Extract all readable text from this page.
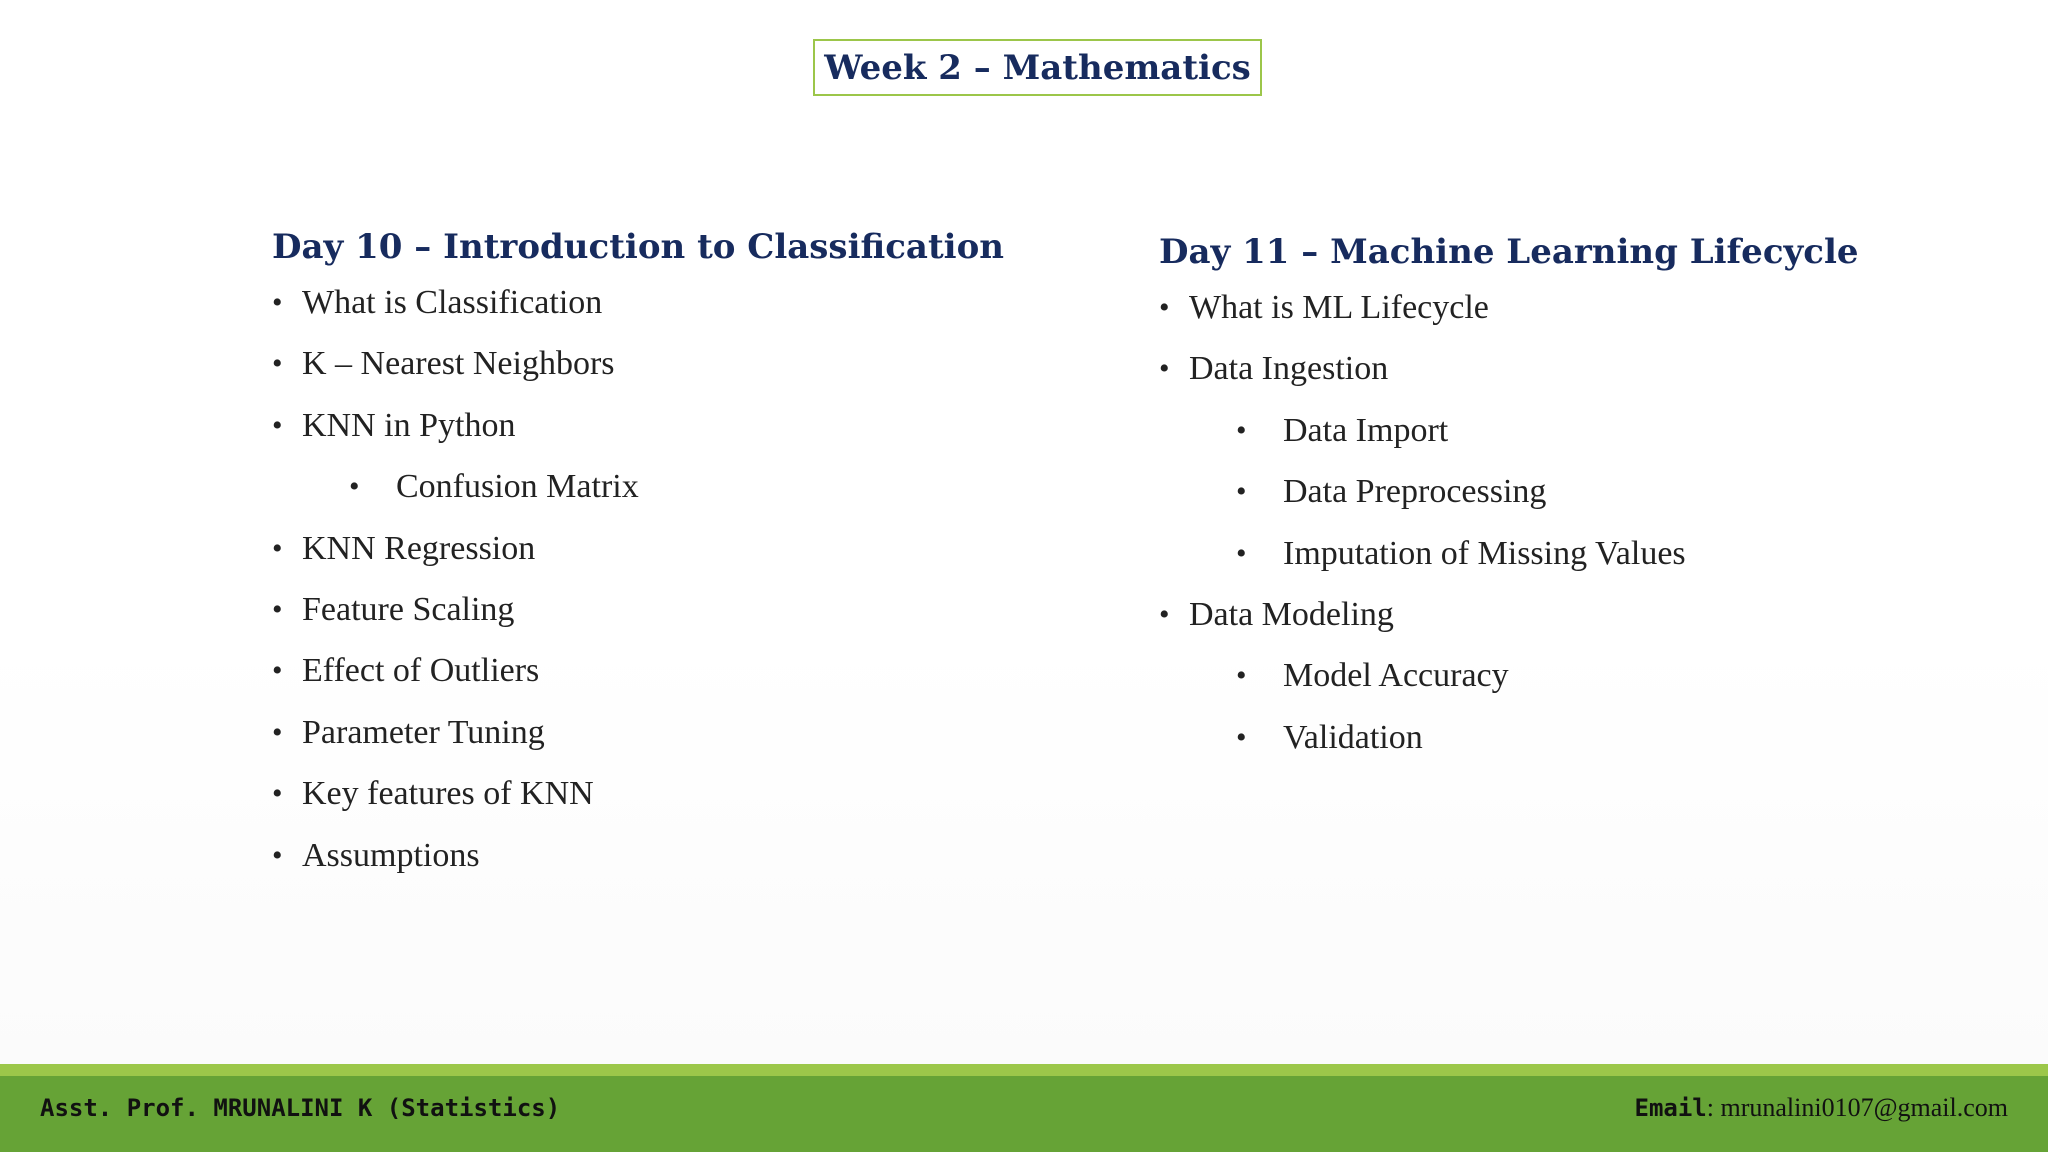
Week 2 – Mathematics
Day 10 – Introduction to Classification
• What is Classification
• K – Nearest Neighbors
• KNN in Python
• Confusion Matrix
• KNN Regression
• Feature Scaling
• Effect of Outliers
• Parameter Tuning
• Key features of KNN
• Assumptions
Day 11 – Machine Learning Lifecycle
• What is ML Lifecycle
• Data Ingestion
• Data Import
• Data Preprocessing
• Imputation of Missing Values
• Data Modeling
• Model Accuracy
• Validation
Asst. Prof. MRUNALINI K (Statistics)	Email: mrunalini0107@gmail.com
